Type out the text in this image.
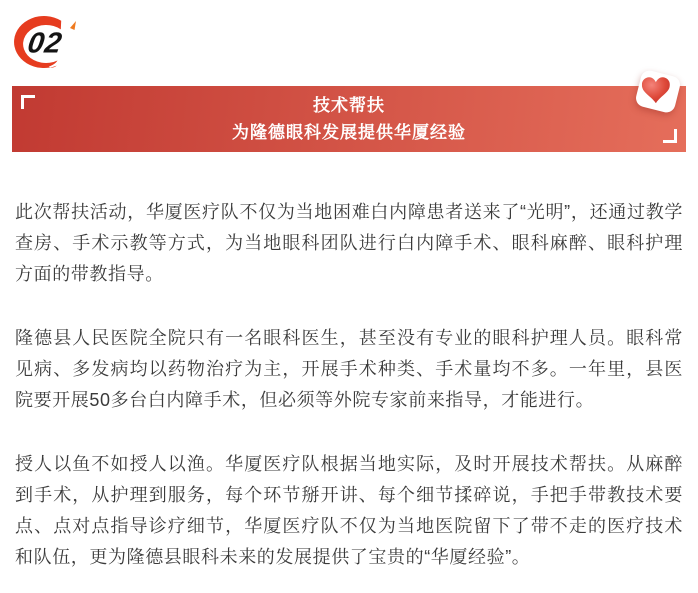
02
技术帮扶
为隆德眼科发展提供华厦经验

此次帮扶活动，华厦医疗队不仅为当地困难白内障患者送来了“光明”，还通过教学查房、手术示教等方式，为当地眼科团队进行白内障手术、眼科麻醉、眼科护理方面的带教指导。

隆德县人民医院全院只有一名眼科医生，甚至没有专业的眼科护理人员。眼科常见病、多发病均以药物治疗为主，开展手术种类、手术量均不多。一年里，县医院要开展50多台白内障手术，但必须等外院专家前来指导，才能进行。

授人以鱼不如授人以渔。华厦医疗队根据当地实际，及时开展技术帮扶。从麻醉到手术，从护理到服务，每个环节掰开讲、每个细节揉碎说，手把手带教技术要点、点对点指导诊疗细节，华厦医疗队不仅为当地医院留下了带不走的医疗技术和队伍，更为隆德县眼科未来的发展提供了宝贵的“华厦经验”。
